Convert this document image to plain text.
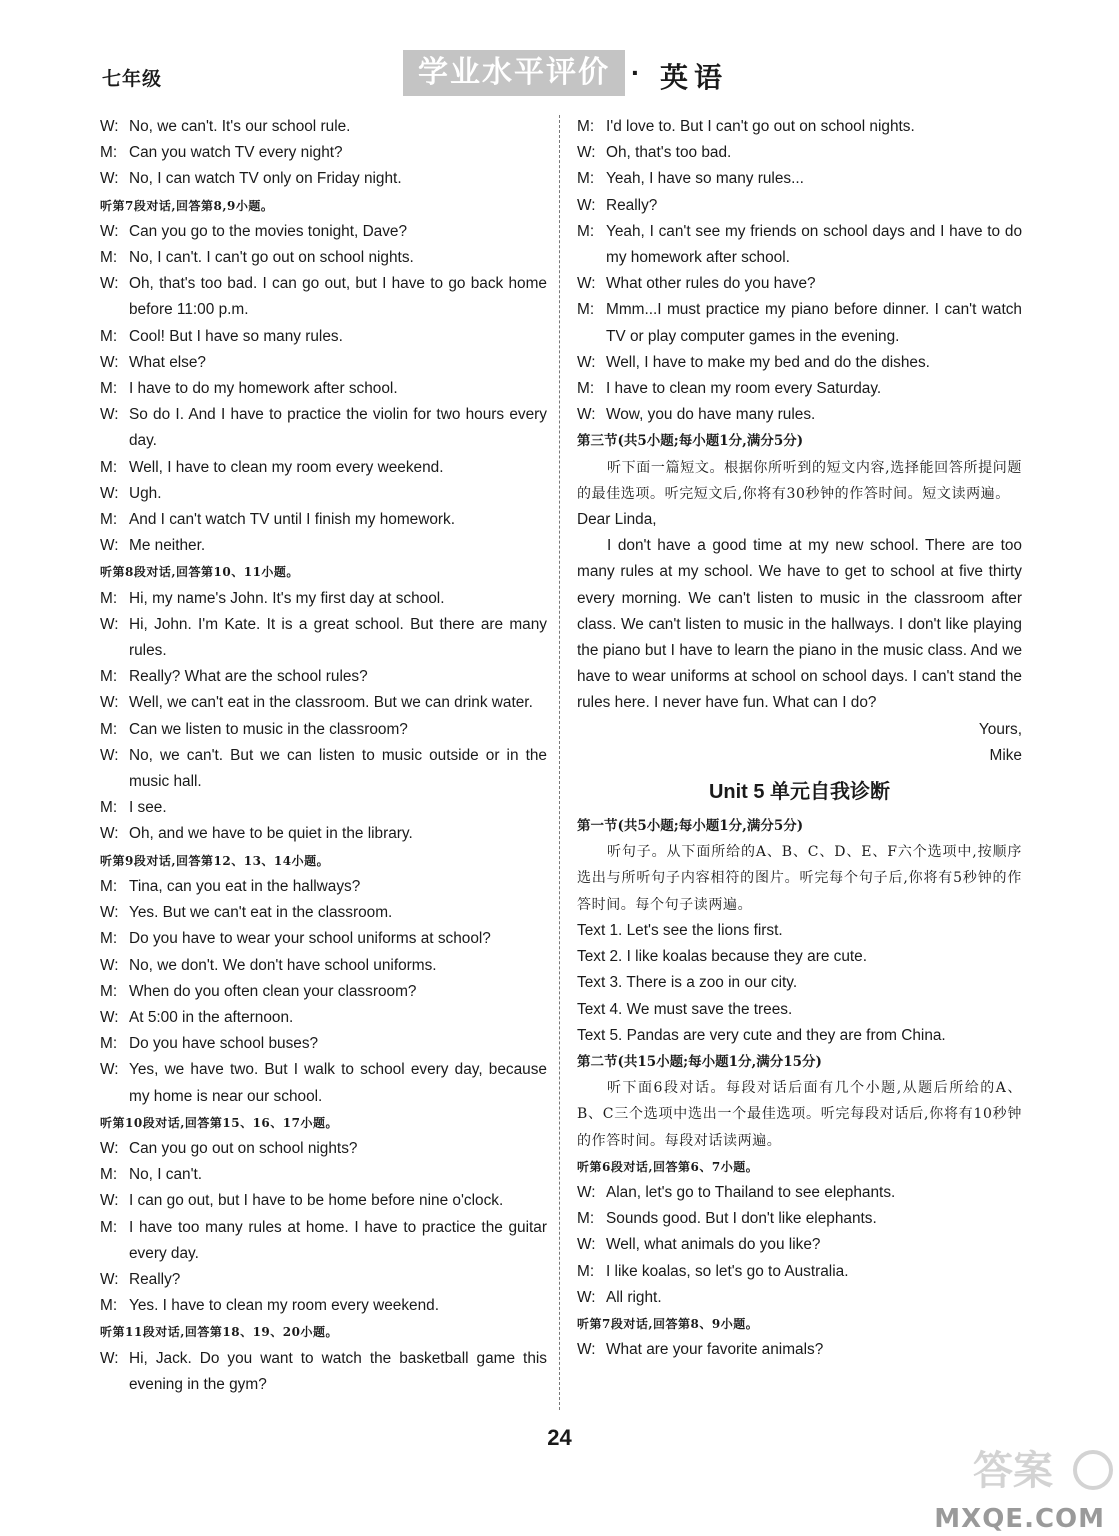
七年级	学业水平评价 · 英语
W: No, we can't. It's our school rule.
M: Can you watch TV every night?
W: No, I can watch TV only on Friday night.
听第7段对话,回答第8,9小题。
W: Can you go to the movies tonight, Dave?
M: No, I can't. I can't go out on school nights.
W: Oh, that's too bad. I can go out, but I have to go back home before 11:00 p.m.
M: Cool! But I have so many rules.
W: What else?
M: I have to do my homework after school.
W: So do I. And I have to practice the violin for two hours every day.
M: Well, I have to clean my room every weekend.
W: Ugh.
M: And I can't watch TV until I finish my homework.
W: Me neither.
听第8段对话,回答第10、11小题。
M: Hi, my name's John. It's my first day at school.
W: Hi, John. I'm Kate. It is a great school. But there are many rules.
M: Really? What are the school rules?
W: Well, we can't eat in the classroom. But we can drink water.
M: Can we listen to music in the classroom?
W: No, we can't. But we can listen to music outside or in the music hall.
M: I see.
W: Oh, and we have to be quiet in the library.
听第9段对话,回答第12、13、14小题。
M: Tina, can you eat in the hallways?
W: Yes. But we can't eat in the classroom.
M: Do you have to wear your school uniforms at school?
W: No, we don't. We don't have school uniforms.
M: When do you often clean your classroom?
W: At 5:00 in the afternoon.
M: Do you have school buses?
W: Yes, we have two. But I walk to school every day, because my home is near our school.
听第10段对话,回答第15、16、17小题。
W: Can you go out on school nights?
M: No, I can't.
W: I can go out, but I have to be home before nine o'clock.
M: I have too many rules at home. I have to practice the guitar every day.
W: Really?
M: Yes. I have to clean my room every weekend.
听第11段对话,回答第18、19、20小题。
W: Hi, Jack. Do you want to watch the basketball game this evening in the gym?
M: I'd love to. But I can't go out on school nights.
W: Oh, that's too bad.
M: Yeah, I have so many rules...
W: Really?
M: Yeah, I can't see my friends on school days and I have to do my homework after school.
W: What other rules do you have?
M: Mmm...I must practice my piano before dinner. I can't watch TV or play computer games in the evening.
W: Well, I have to make my bed and do the dishes.
M: I have to clean my room every Saturday.
W: Wow, you do have many rules.
第三节(共5小题;每小题1分,满分5分)
听下面一篇短文。根据你所听到的短文内容,选择能回答所提问题的最佳选项。听完短文后,你将有30秒钟的作答时间。短文读两遍。
Dear Linda,
I don't have a good time at my new school. There are too many rules at my school. We have to get to school at five thirty every morning. We can't listen to music in the classroom after class. We can't listen to music in the hallways. I don't like playing the piano but I have to learn the piano in the music class. And we have to wear uniforms at school on school days. I can't stand the rules here. I never have fun. What can I do?
Yours,
Mike
Unit 5 单元自我诊断
第一节(共5小题;每小题1分,满分5分)
听句子。从下面所给的A、B、C、D、E、F六个选项中,按顺序选出与所听句子内容相符的图片。听完每个句子后,你将有5秒钟的作答时间。每个句子读两遍。
Text 1. Let's see the lions first.
Text 2. I like koalas because they are cute.
Text 3. There is a zoo in our city.
Text 4. We must save the trees.
Text 5. Pandas are very cute and they are from China.
第二节(共15小题;每小题1分,满分15分)
听下面6段对话。每段对话后面有几个小题,从题后所给的A、B、C三个选项中选出一个最佳选项。听完每段对话后,你将有10秒钟的作答时间。每段对话读两遍。
听第6段对话,回答第6、7小题。
W: Alan, let's go to Thailand to see elephants.
M: Sounds good. But I don't like elephants.
W: Well, what animals do you like?
M: I like koalas, so let's go to Australia.
W: All right.
听第7段对话,回答第8、9小题。
W: What are your favorite animals?
24
答案
MXQE.COM
